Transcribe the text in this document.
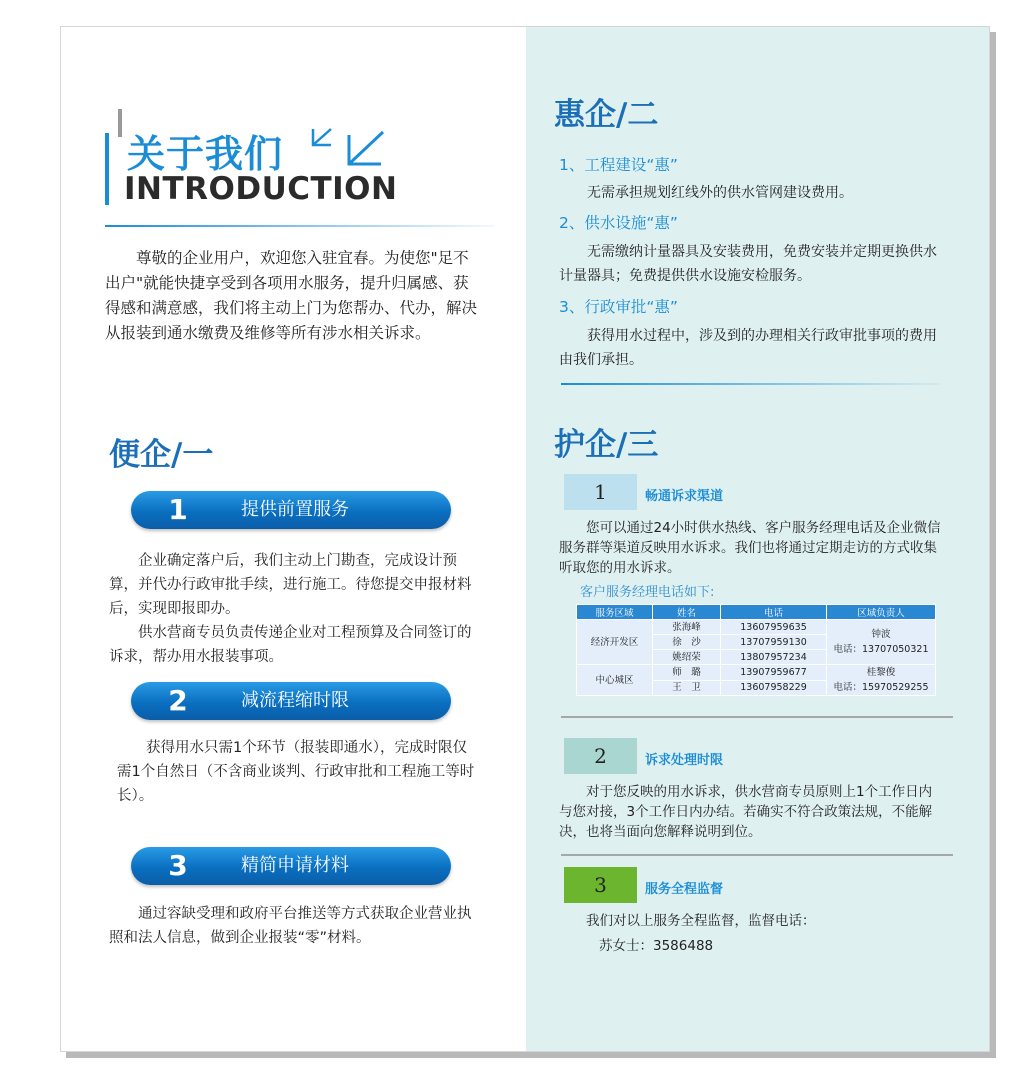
关于我们
INTRODUCTION

尊敬的企业用户，欢迎您入驻宜春。为使您"足不出户"就能快捷享受到各项用水服务，提升归属感、获得感和满意感，我们将主动上门为您帮办、代办，解决从报装到通水缴费及维修等所有涉水相关诉求。

便企/一
1	提供前置服务

企业确定落户后，我们主动上门勘查，完成设计预算，并代办行政审批手续，进行施工。待您提交申报材料后，实现即报即办。

供水营商专员负责传递企业对工程预算及合同签订的诉求，帮办用水报装事项。

2	减流程缩时限

获得用水只需1个环节（报装即通水），完成时限仅需1个自然日（不含商业谈判、行政审批和工程施工等时长）。

3	精简申请材料

通过容缺受理和政府平台推送等方式获取企业营业执照和法人信息，做到企业报装“零”材料。

惠企/二
1、工程建设“惠”

无需承担规划红线外的供水管网建设费用。

2、供水设施“惠”

无需缴纳计量器具及安装费用，免费安装并定期更换供水计量器具；免费提供供水设施安检服务。

3、行政审批“惠”

获得用水过程中，涉及到的办理相关行政审批事项的费用由我们承担。

护企/三
1	畅通诉求渠道

您可以通过24小时供水热线、客户服务经理电话及企业微信服务群等渠道反映用水诉求。我们也将通过定期走访的方式收集听取您的用水诉求。

客户服务经理电话如下:
服务区域	姓名	电话	区域负责人
经济开发区	张海峰	13607959635	钟波
电话：13707050321

	徐　沙	13707959130	
	姚绍荣	13807957234	
中心城区	师　璐	13907959677	桂黎俊
电话：15970529255

	王　卫	13607958229	
2	诉求处理时限

对于您反映的用水诉求，供水营商专员原则上1个工作日内与您对接，3个工作日内办结。若确实不符合政策法规，不能解决，也将当面向您解释说明到位。

3	服务全程监督

我们对以上服务全程监督，监督电话：

苏女士：3586488
